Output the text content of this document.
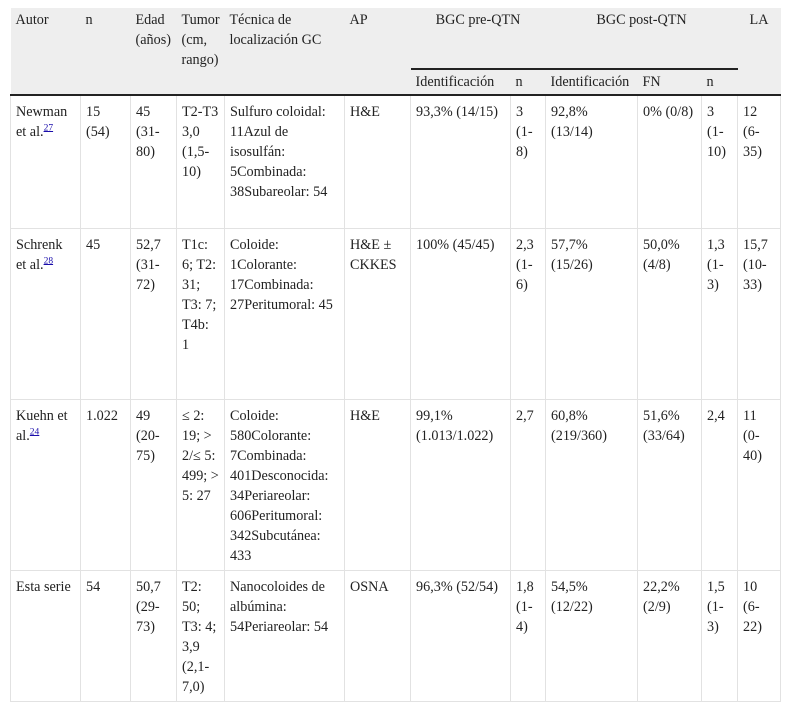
Autor	n	Edad (años)	Tumor (cm, rango)	Técnica de localización GC	AP	BGC pre-QTN		BGC post-QTN			LA
						Identificación	n	Identificación	FN	n	
Newman et al.$^{27}$	15 (54)	45 (31-80)	T2-T3 3,0 (1,5-10)	Sulfuro coloidal: 11Azul de isosulfán: 5Combinada: 38Subareolar: 54	H&E	93,3% (14/15)	3 (1-8)	92,8% (13/14)	0% (0/8)	3 (1-10)	12 (6-35)
Schrenk et al.$^{28}$	45	52,7 (31-72)	T1c: 6; T2: 31; T3: 7; T4b: 1	Coloide: 1Colorante: 17Combinada: 27Peritumoral: 45	H&E ± CKKES	100% (45/45)	2,3 (1-6)	57,7% (15/26)	50,0% (4/8)	1,3 (1-3)	15,7 (10-33)
Kuehn et al.$^{24}$	1.022	49 (20-75)	≤ 2: 19; > 2/≤ 5: 499; > 5: 27	Coloide: 580Colorante: 7Combinada: 401Desconocida: 34Periareolar: 606Peritumoral: 342Subcutánea: 433	H&E	99,1% (1.013/1.022)	2,7	60,8% (219/360)	51,6% (33/64)	2,4	11 (0-40)
Esta serie	54	50,7 (29-73)	T2: 50; T3: 4; 3,9 (2,1-7,0)	Nanocoloides de albúmina: 54Periareolar: 54	OSNA	96,3% (52/54)	1,8 (1-4)	54,5% (12/22)	22,2% (2/9)	1,5 (1-3)	10 (6-22)
